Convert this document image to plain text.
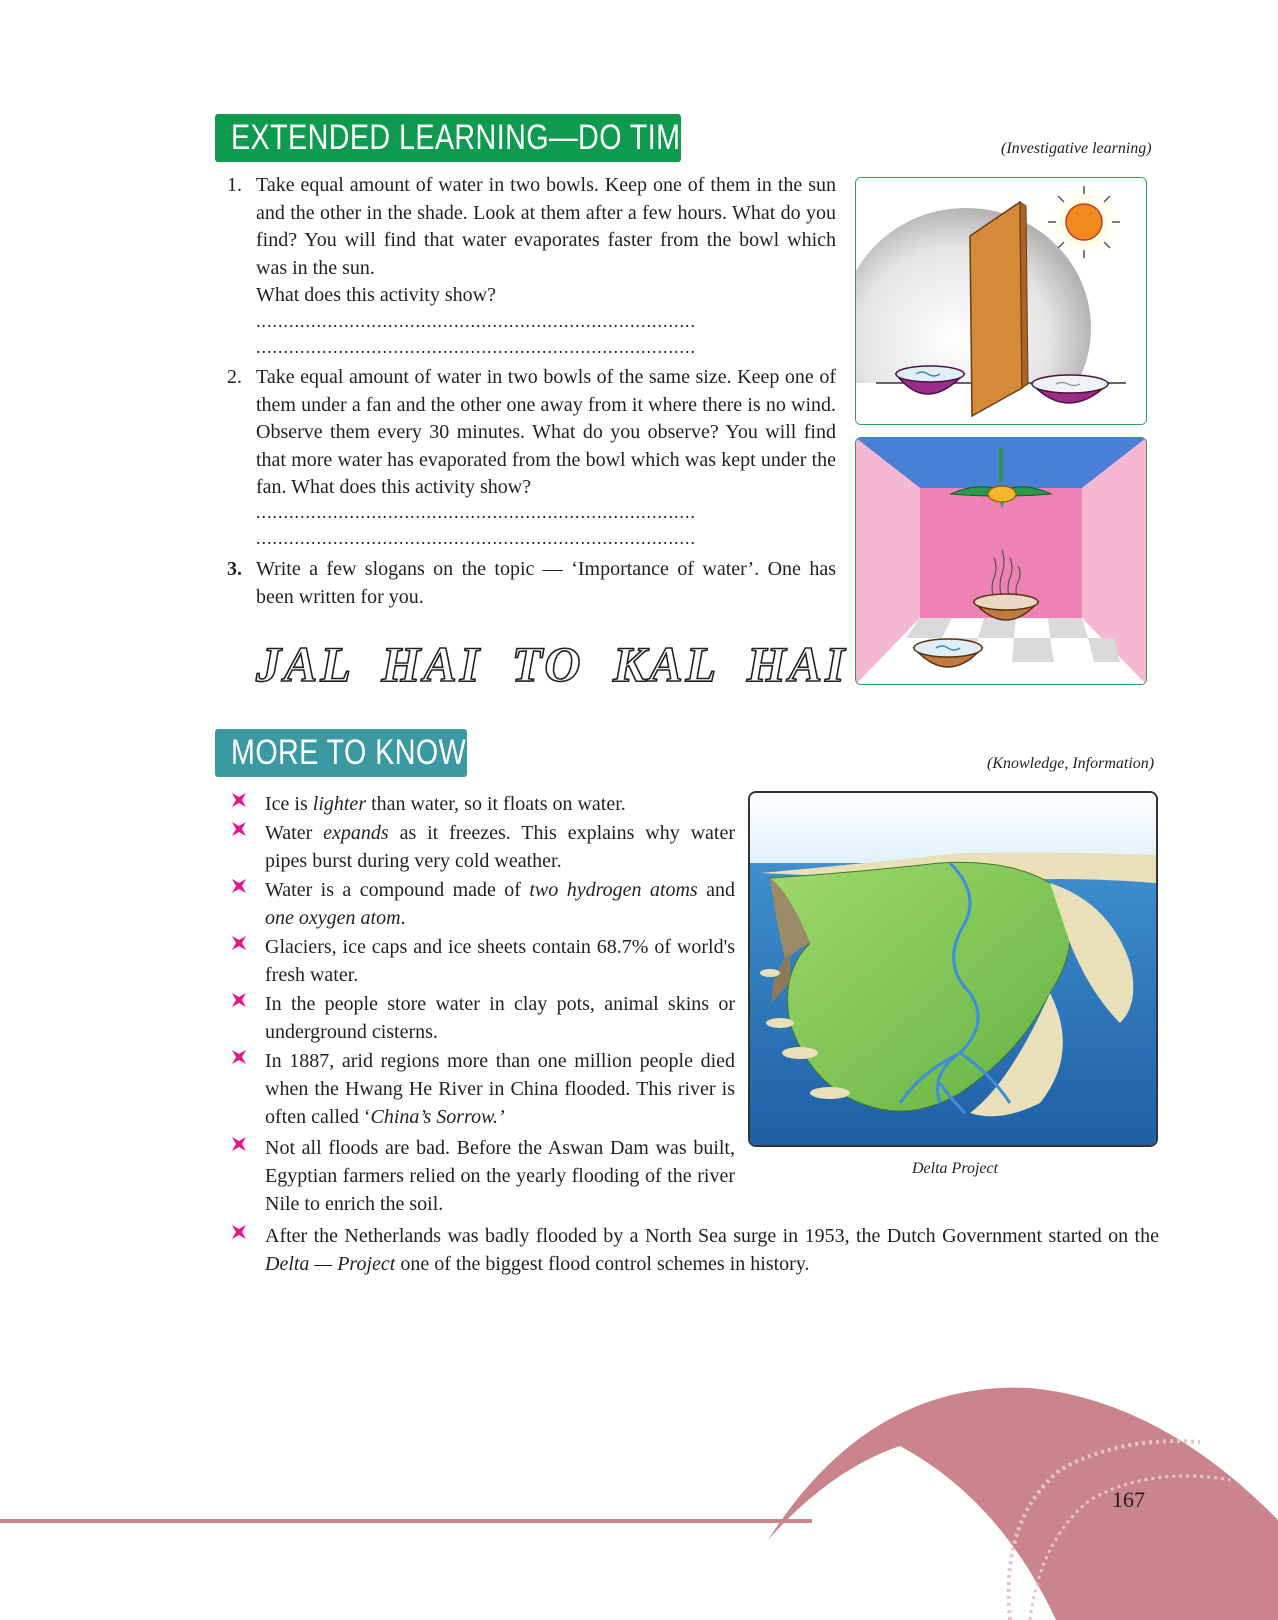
EXTENDED LEARNING—DO TIME	(Investigative learning)
1. Take equal amount of water in two bowls. Keep one of them in the sun and the other in the shade. Look at them after a few hours. What do you find? You will find that water evaporates faster from the bowl which was in the sun.
What does this activity show?
................................................................................
................................................................................
2. Take equal amount of water in two bowls of the same size. Keep one of them under a fan and the other one away from it where there is no wind. Observe them every 30 minutes. What do you observe? You will find that more water has evaporated from the bowl which was kept under the fan. What does this activity show?
................................................................................
................................................................................
3. Write a few slogans on the topic — ‘Importance of water’. One has been written for you.
JAL HAI TO KAL HAI
MORE TO KNOW	(Knowledge, Information)
Ice is lighter than water, so it floats on water.
Water expands as it freezes. This explains why water pipes burst during very cold weather.
Water is a compound made of two hydrogen atoms and one oxygen atom.
Glaciers, ice caps and ice sheets contain 68.7% of world's fresh water.
In the people store water in clay pots, animal skins or underground cisterns.
In 1887, arid regions more than one million people died when the Hwang He River in China flooded. This river is often called ‘China’s Sorrow.’
Not all floods are bad. Before the Aswan Dam was built, Egyptian farmers relied on the yearly flooding of the river Nile to enrich the soil.
After the Netherlands was badly flooded by a North Sea surge in 1953, the Dutch Government started on the Delta — Project one of the biggest flood control schemes in history.
Delta Project
167
